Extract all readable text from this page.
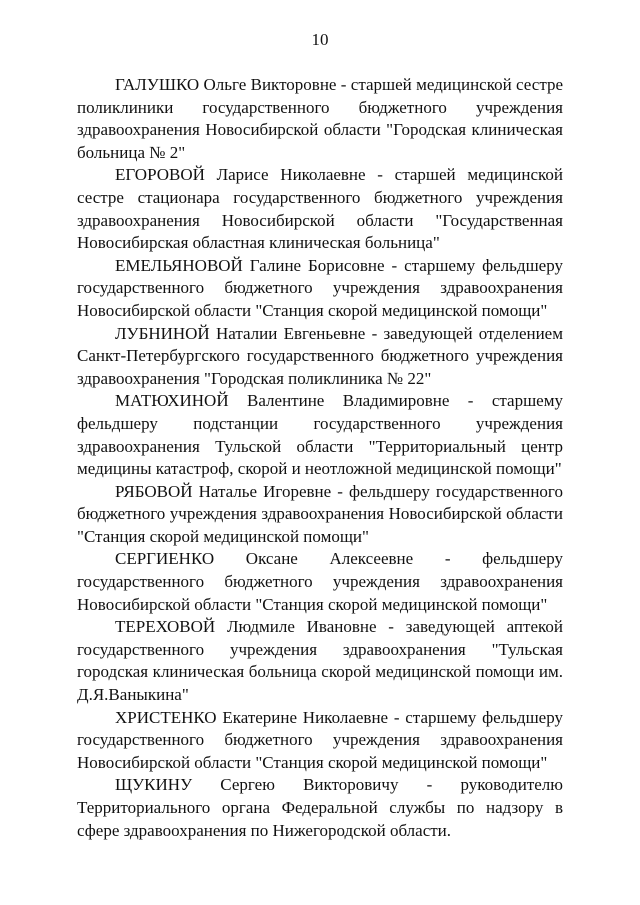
10

ГАЛУШКО Ольге Викторовне - старшей медицинской сестре поликлиники государственного бюджетного учреждения здравоохранения Новосибирской области "Городская клиническая больница № 2"

ЕГОРОВОЙ Ларисе Николаевне - старшей медицинской сестре стационара государственного бюджетного учреждения здравоохранения Новосибирской области "Государственная Новосибирская областная клиническая больница"

ЕМЕЛЬЯНОВОЙ Галине Борисовне - старшему фельдшеру государственного бюджетного учреждения здравоохранения Новосибирской области "Станция скорой медицинской помощи"

ЛУБНИНОЙ Наталии Евгеньевне - заведующей отделением Санкт-Петербургского государственного бюджетного учреждения здравоохранения "Городская поликлиника № 22"

МАТЮХИНОЙ Валентине Владимировне - старшему фельдшеру подстанции государственного учреждения здравоохранения Тульской области "Территориальный центр медицины катастроф, скорой и неотложной медицинской помощи"

РЯБОВОЙ Наталье Игоревне - фельдшеру государственного бюджетного учреждения здравоохранения Новосибирской области "Станция скорой медицинской помощи"

СЕРГИЕНКО Оксане Алексеевне - фельдшеру государственного бюджетного учреждения здравоохранения Новосибирской области "Станция скорой медицинской помощи"

ТЕРЕХОВОЙ Людмиле Ивановне - заведующей аптекой государственного учреждения здравоохранения "Тульская городская клиническая больница скорой медицинской помощи им. Д.Я.Ваныкина"

ХРИСТЕНКО Екатерине Николаевне - старшему фельдшеру государственного бюджетного учреждения здравоохранения Новосибирской области "Станция скорой медицинской помощи"

ЩУКИНУ Сергею Викторовичу - руководителю Территориального органа Федеральной службы по надзору в сфере здравоохранения по Нижегородской области.
